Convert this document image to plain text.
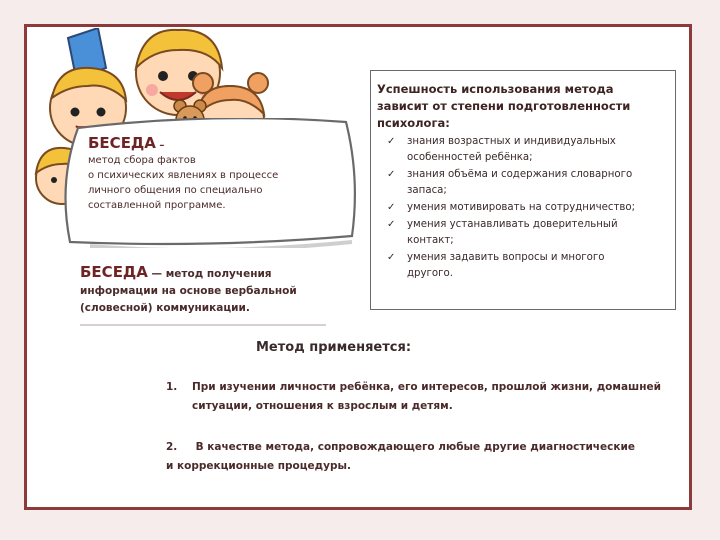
БЕСЕДА –
метод сбора фактов
о психических явлениях в процессе
личного общения по специально
составленной программе.
БЕСЕДА — метод получения
информации на основе вербальной
(словесной) коммуникации.
Успешность использования метода
зависит от степени подготовленности
психолога:
✓ знания возрастных и индивидуальных
особенностей ребёнка;
✓ знания объёма и содержания словарного
запаса;
✓ умения мотивировать на сотрудничество;
✓ умения устанавливать доверительный
контакт;
✓ умения задавить вопросы и многого
другого.
Метод применяется:
1. При изучении личности ребёнка, его интересов, прошлой жизни, домашней
ситуации, отношения к взрослым и детям.
2.     В качестве метода, сопровождающего любые другие диагностические
и коррекционные процедуры.
